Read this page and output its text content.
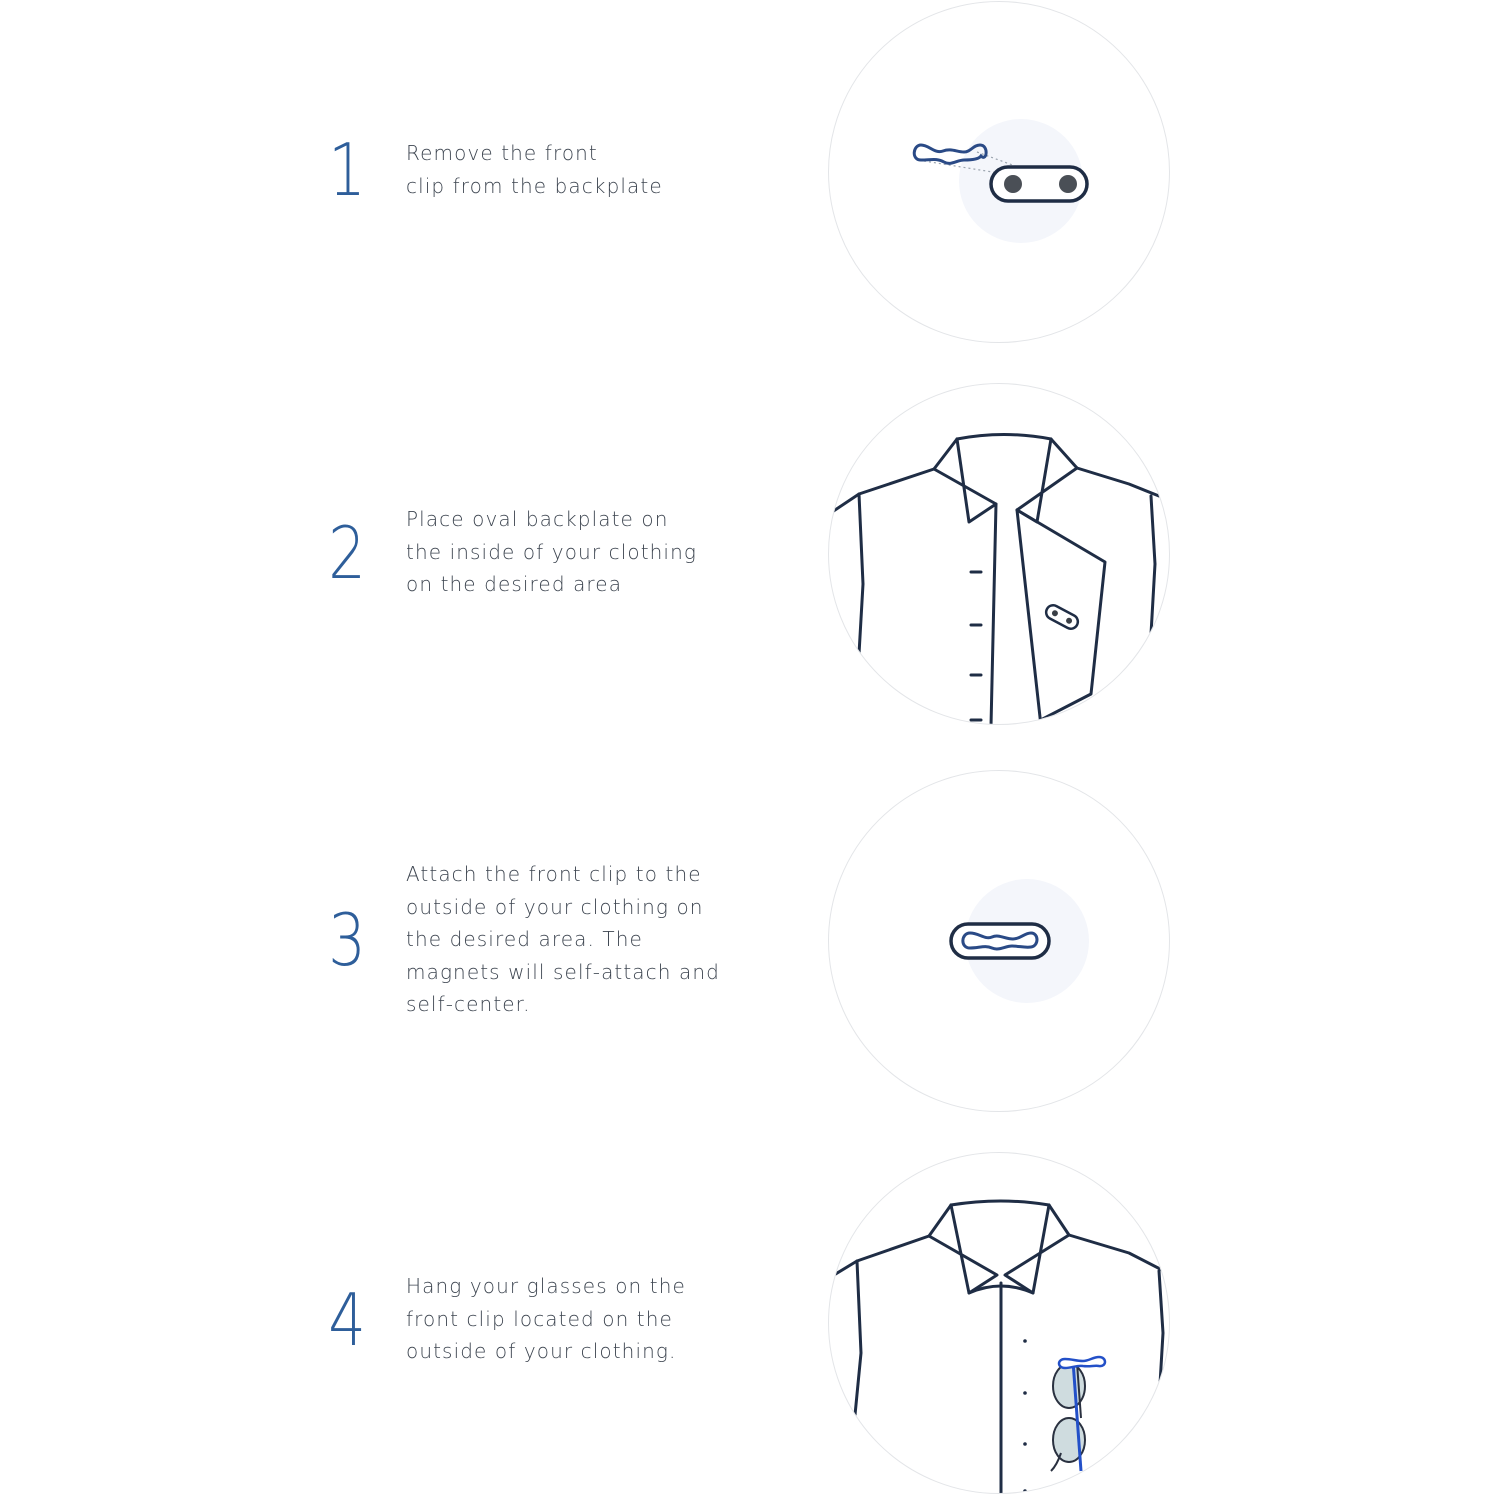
1 Remove the front
clip from the backplate
2 Place oval backplate on
the inside of your clothing
on the desired area
3
Attach the front clip to the
outside of your clothing on
the desired area. The
magnets will self-attach and
self-center.
4 Hang your glasses on the
front clip located on the
outside of your clothing.
